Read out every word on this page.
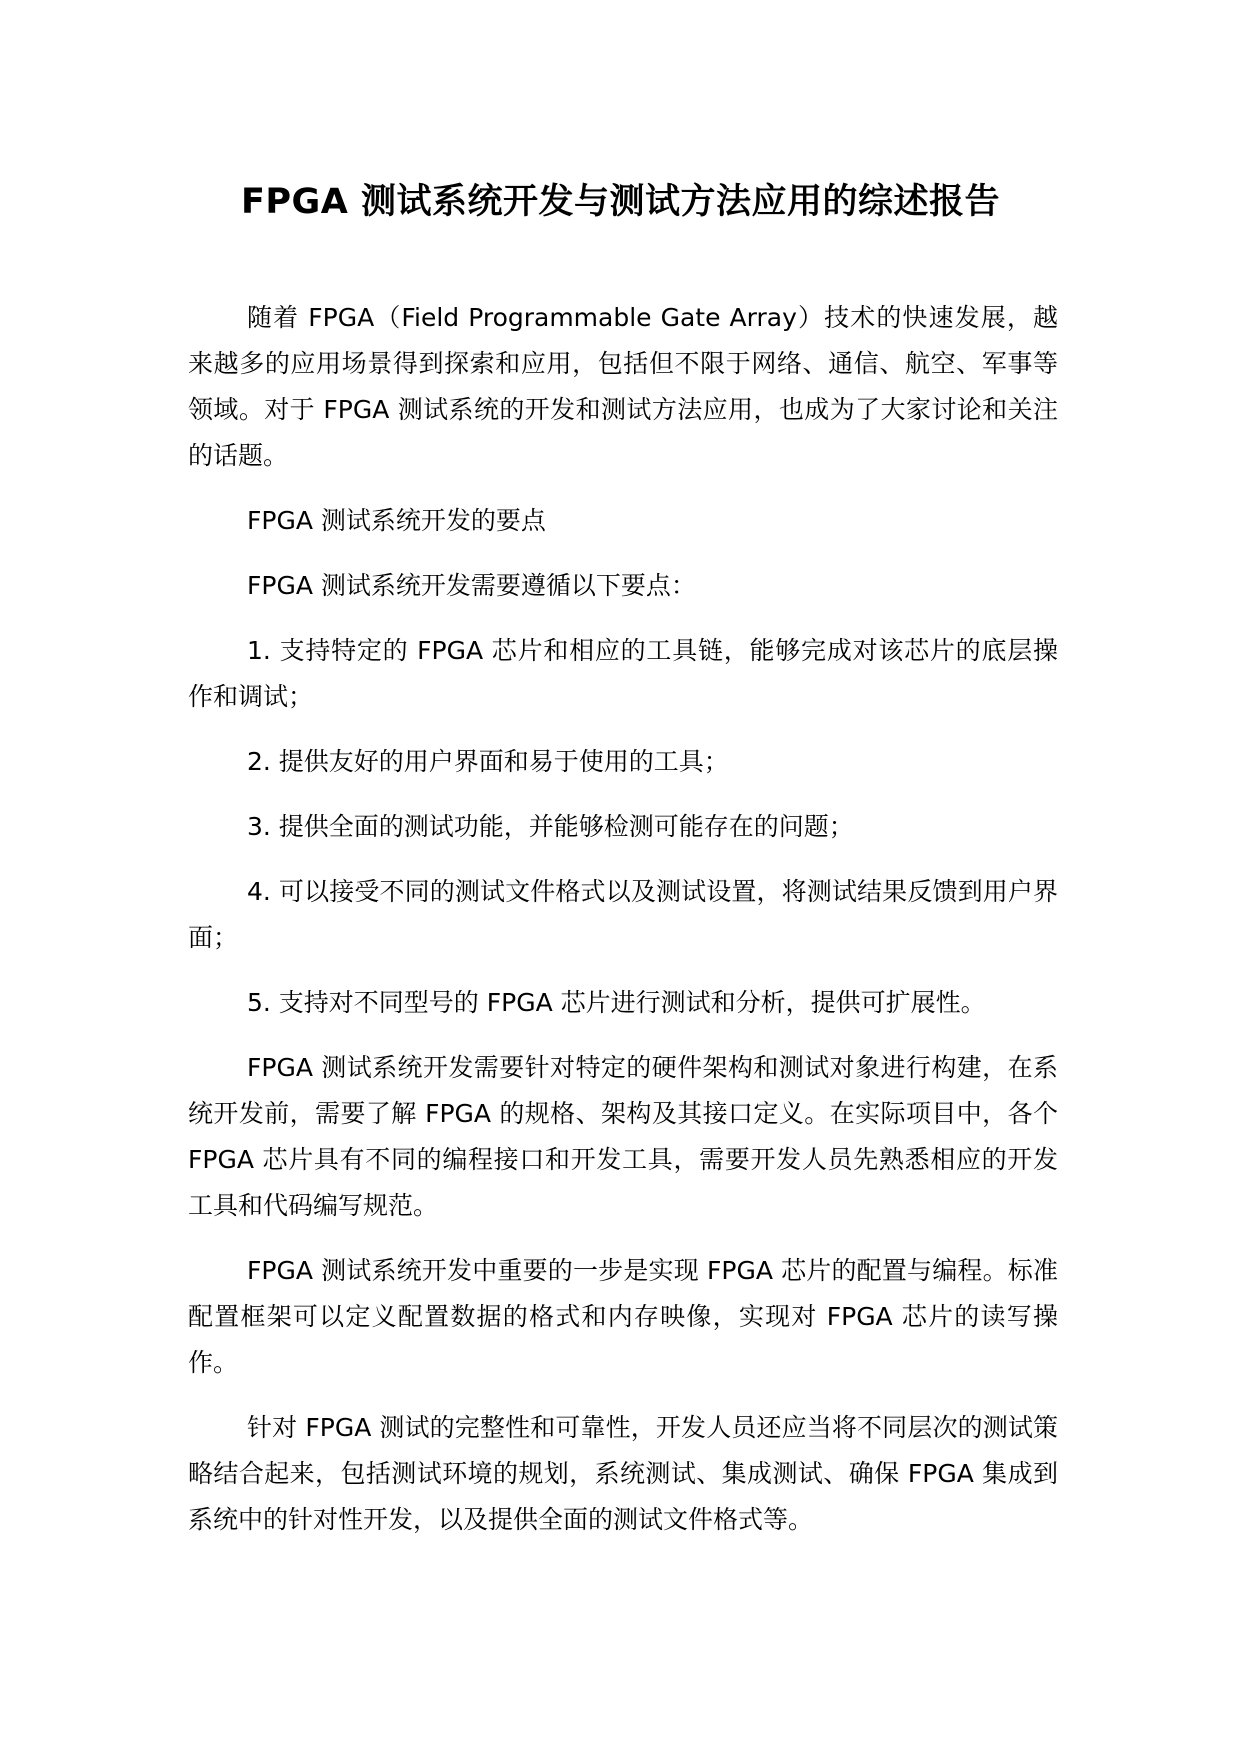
FPGA 测试系统开发与测试方法应用的综述报告

随着 FPGA（Field Programmable Gate Array）技术的快速发展，越来越多的应用场景得到探索和应用，包括但不限于网络、通信、航空、军事等领域。对于 FPGA 测试系统的开发和测试方法应用，也成为了大家讨论和关注的话题。

FPGA 测试系统开发的要点

FPGA 测试系统开发需要遵循以下要点：

1. 支持特定的 FPGA 芯片和相应的工具链，能够完成对该芯片的底层操作和调试；

2. 提供友好的用户界面和易于使用的工具；

3. 提供全面的测试功能，并能够检测可能存在的问题；

4. 可以接受不同的测试文件格式以及测试设置，将测试结果反馈到用户界面；

5. 支持对不同型号的 FPGA 芯片进行测试和分析，提供可扩展性。

FPGA 测试系统开发需要针对特定的硬件架构和测试对象进行构建，在系统开发前，需要了解 FPGA 的规格、架构及其接口定义。在实际项目中，各个 FPGA 芯片具有不同的编程接口和开发工具，需要开发人员先熟悉相应的开发工具和代码编写规范。

FPGA 测试系统开发中重要的一步是实现 FPGA 芯片的配置与编程。标准配置框架可以定义配置数据的格式和内存映像，实现对 FPGA 芯片的读写操作。

针对 FPGA 测试的完整性和可靠性，开发人员还应当将不同层次的测试策略结合起来，包括测试环境的规划，系统测试、集成测试、确保 FPGA 集成到系统中的针对性开发，以及提供全面的测试文件格式等。
